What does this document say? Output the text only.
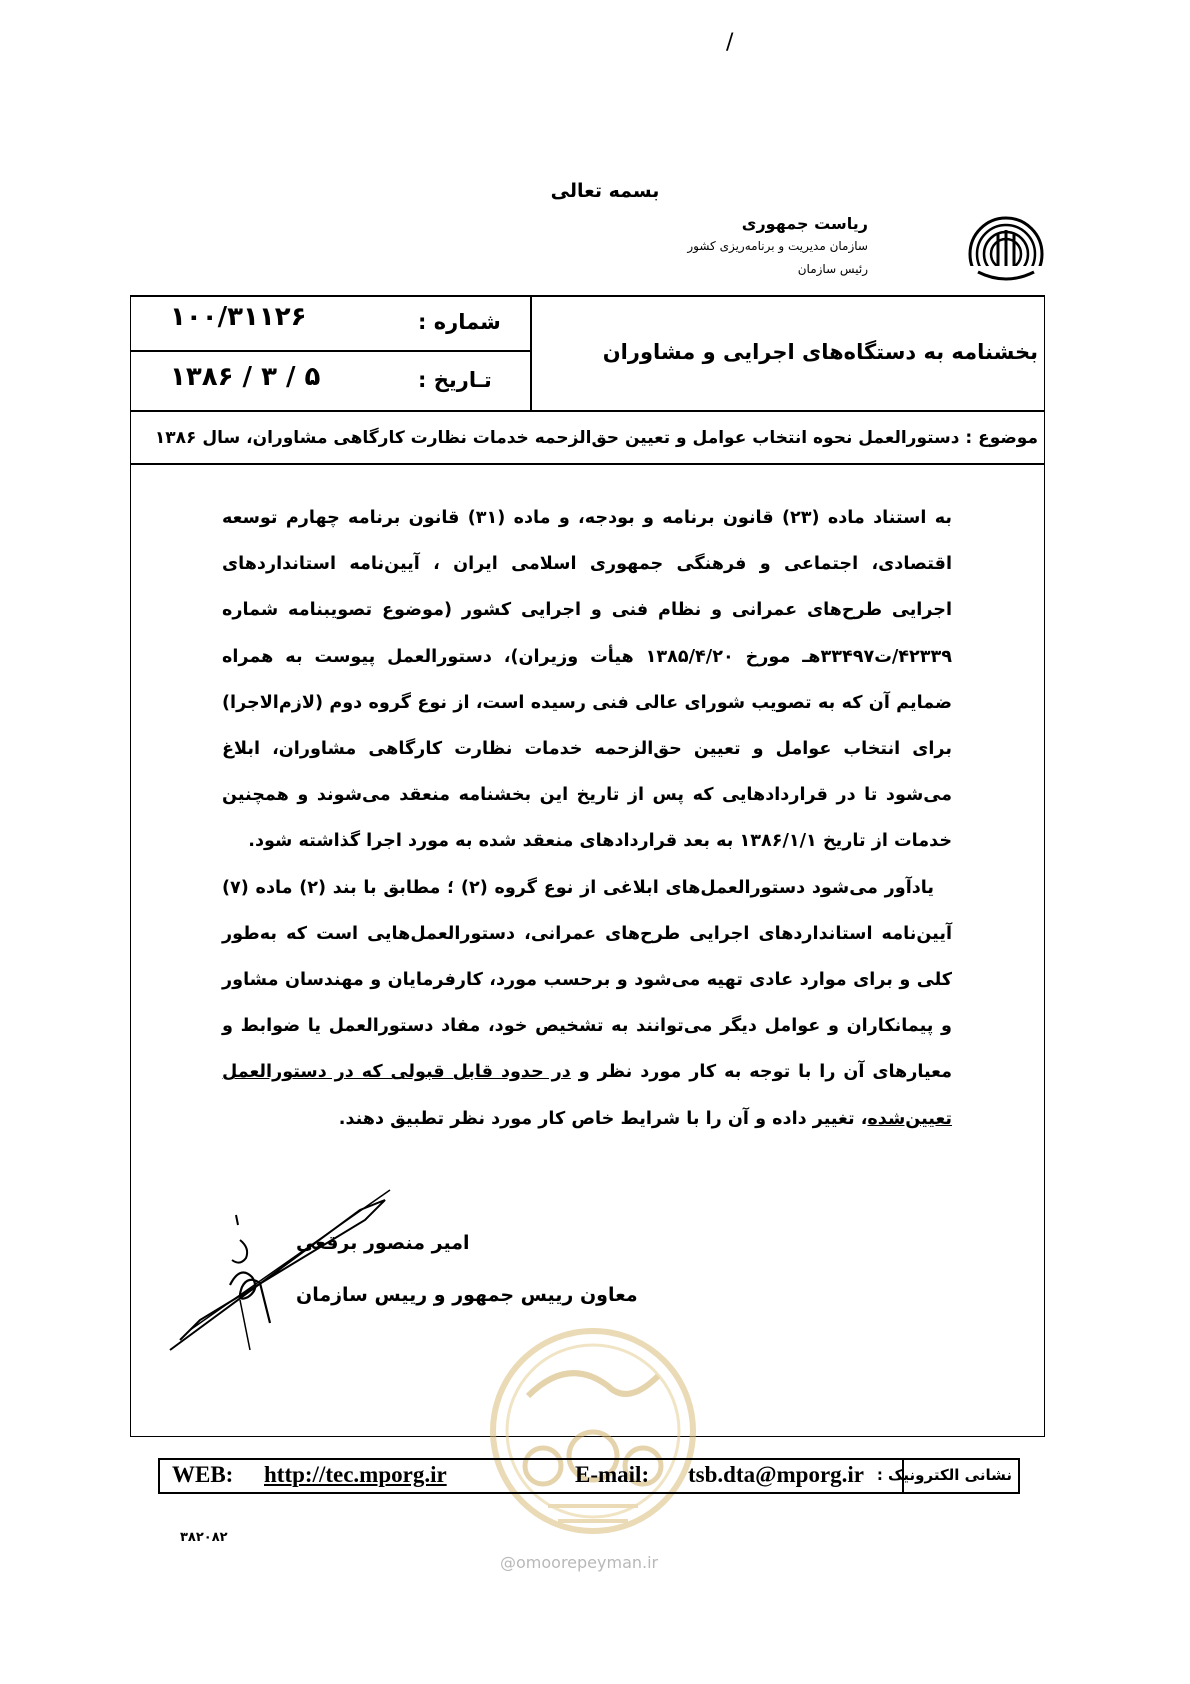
/
بسمه تعالی
ریاست جمهوری
سازمان مدیریت و برنامه‌ریزی کشور
رئیس سازمان
شماره :
۱۰۰/۳۱۱۲۶
تـاریخ :
۱۳۸۶ / ۳ / ۵
بخشنامه به دستگاه‌های اجرایی و مشاوران
موضوع : دستورالعمل نحوه انتخاب عوامل و تعیین حق‌الزحمه خدمات نظارت کارگاهی مشاوران، سال ۱۳۸۶

به استناد ماده (۲۳) قانون برنامه و بودجه، و ماده (۳۱) قانون برنامه چهارم توسعه اقتصادی، اجتماعی و فرهنگی جمهوری اسلامی ایران ، آیین‌نامه استانداردهای اجرایی طرح‌های عمرانی و نظام فنی و اجرایی کشور (موضوع تصویبنامه شماره ۴۲۳۳۹/ت۳۳۴۹۷هـ مورخ ۱۳۸۵/۴/۲۰ هیأت وزیران)، دستورالعمل پیوست به همراه ضمایم آن که به تصویب شورای عالی فنی رسیده است، از نوع گروه دوم (لازم‌الاجرا) برای انتخاب عوامل و تعیین حق‌الزحمه خدمات نظارت کارگاهی مشاوران، ابلاغ می‌شود تا در قراردادهایی که پس از تاریخ این بخشنامه منعقد می‌شوند و همچنین خدمات از تاریخ ۱۳۸۶/۱/۱ به بعد قراردادهای منعقد شده به مورد اجرا گذاشته شود.

یادآور می‌شود دستورالعمل‌های ابلاغی از نوع گروه (۲) ؛ مطابق با بند (۲) ماده (۷) آیین‌نامه استانداردهای اجرایی طرح‌های عمرانی، دستورالعمل‌هایی است که به‌طور کلی و برای موارد عادی تهیه می‌شود و برحسب مورد، کارفرمایان و مهندسان مشاور و پیمانکاران و عوامل دیگر می‌توانند به تشخیص خود، مفاد دستورالعمل یا ضوابط و معیارهای آن را با توجه به کار مورد نظر و در حدود قابل قبولی که در دستورالعمل تعیین‌شده، تغییر داده و آن را با شرایط خاص کار مورد نظر تطبیق دهند.

امیر منصور برقعی
معاون رییس جمهور و رییس سازمان
WEB: http://tec.mporg.ir	E-mail: tsb.dta@mporg.ir نشانی الکترونیک :
۳۸۲۰۸۲
@omoorepeyman.ir
